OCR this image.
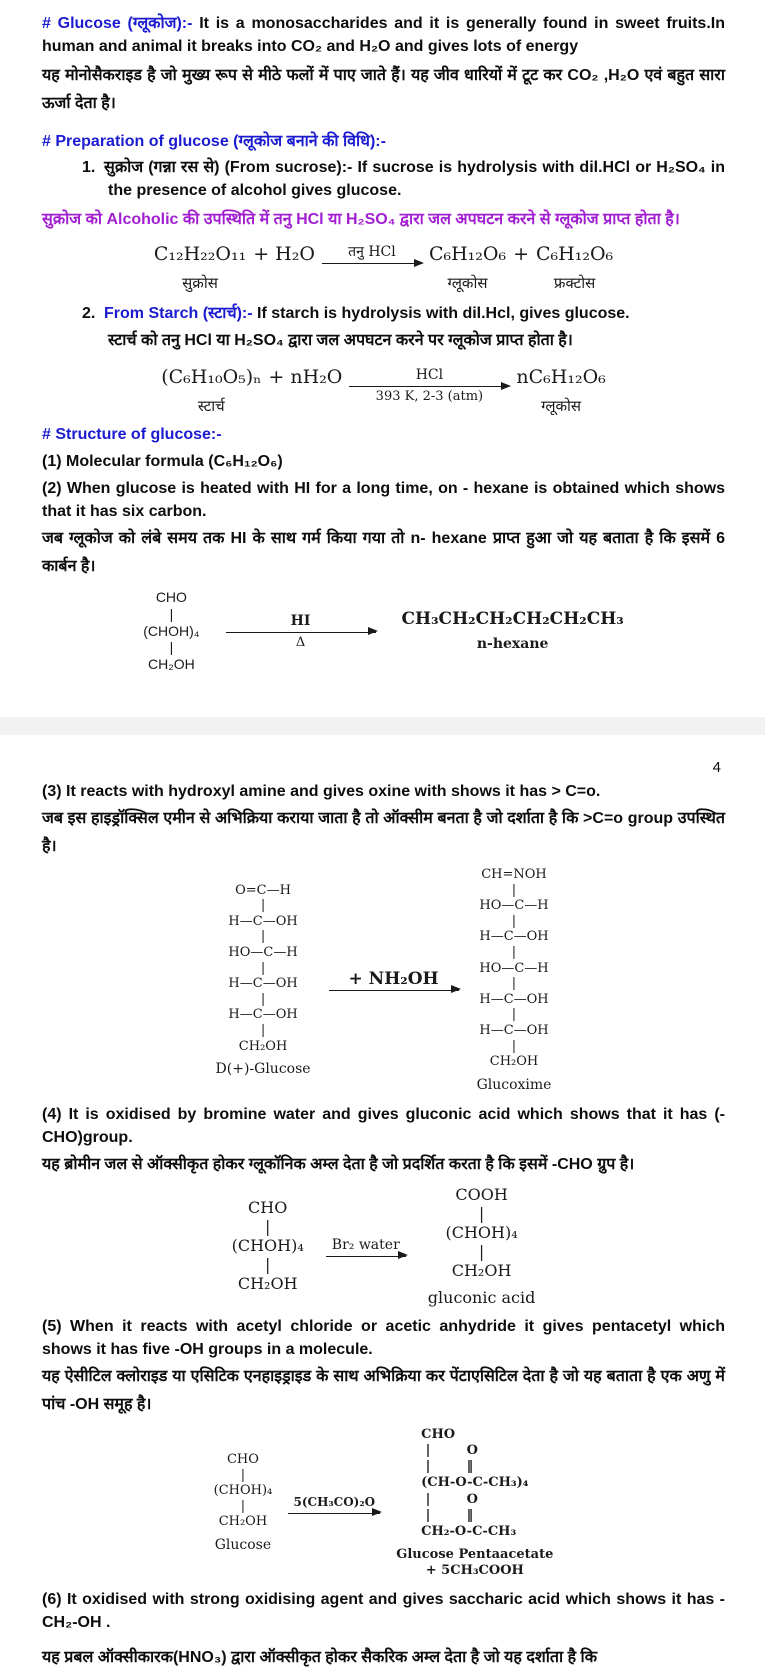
# Glucose (ग्लूकोज):- It is a monosaccharides and it is generally found in sweet fruits.In human and animal it breaks into CO₂ and H₂O and gives lots of energy

यह मोनोसैकराइड है जो मुख्य रूप से मीठे फलों में पाए जाते हैं। यह जीव धारियों में टूट कर CO₂ ,H₂O एवं बहुत सारा ऊर्जा देता है।

# Preparation of glucose (ग्लूकोज बनाने की विधि):-

1. सुक्रोज (गन्ना रस से) (From sucrose):- If sucrose is hydrolysis with dil.HCl or H₂SO₄ in the presence of alcohol gives glucose.

सुक्रोज को Alcoholic की उपस्थिति में तनु HCl या H₂SO₄ द्वारा जल अपघटन करने से ग्लूकोज प्राप्त होता है।

C₁₂H₂₂O₁₁
सुक्रोस
+ H₂O तनु HCl C₆H₁₂O₆
ग्लूकोस
+ C₆H₁₂O₆
फ्रक्टोस

2. From Starch (स्टार्च):- If starch is hydrolysis with dil.Hcl, gives glucose.

स्टार्च को तनु HCl या H₂SO₄ द्वारा जल अपघटन करने पर ग्लूकोज प्राप्त होता है।

(C₆H₁₀O₅)ₙ
स्टार्च
+ nH₂O	HCl
393 K, 2-3 (atm)
nC₆H₁₂O₆
ग्लूकोस

# Structure of glucose:-

(1) Molecular formula (C₆H₁₂O₆)

(2) When glucose is heated with HI for a long time, on - hexane is obtained which shows that it has six carbon.

जब ग्लूकोज को लंबे समय तक HI के साथ गर्म किया गया तो n- hexane प्राप्त हुआ जो यह बताता है कि इसमें 6 कार्बन है।

CHO
|
(CHOH)₄
|
CH₂OH
HI
Δ
CH₃CH₂CH₂CH₂CH₂CH₃
n-hexane
4

(3) It reacts with hydroxyl amine and gives oxine with shows it has > C=o.

जब इस हाइड्रॉक्सिल एमीन से अभिक्रिया कराया जाता है तो ऑक्सीम बनता है जो दर्शाता है कि >C=o group उपस्थित है।

O=C—H
|
H—C—OH
|
HO—C—H
|
H—C—OH
|
H—C—OH
|
CH₂OH
D(+)-Glucose
+ NH₂OH
CH=NOH
|
HO—C—H
|
H—C—OH
|
HO—C—H
|
H—C—OH
|
H—C—OH
|
CH₂OH
Glucoxime

(4) It is oxidised by bromine water and gives gluconic acid which shows that it has (-CHO)group.

यह ब्रोमीन जल से ऑक्सीकृत होकर ग्लूकॉनिक अम्ल देता है जो प्रदर्शित करता है कि इसमें -CHO ग्रुप है।

CHO
|
(CHOH)₄
|
CH₂OH
Br₂ water
COOH
|
(CHOH)₄
|
CH₂OH
gluconic acid

(5) When it reacts with acetyl chloride or acetic anhydride it gives pentacetyl which shows it has five -OH groups in a molecule.

यह ऐसीटिल क्लोराइड या एसिटिक एनहाइड्राइड के साथ अभिक्रिया कर पेंटाएसिटिल देता है जो यह बताता है एक अणु में पांच -OH समूह है।

CHO
|
(CHOH)₄
|
CH₂OH
Glucose
5(CH₃CO)₂O
CHO
|        O
|        ‖
(CH-O-C-CH₃)₄
|        O
|        ‖
CH₂-O-C-CH₃
Glucose Pentaacetate
+ 5CH₃COOH

(6) It oxidised with strong oxidising agent and gives saccharic acid which shows it has -CH₂-OH .

यह प्रबल ऑक्सीकारक(HNO₃) द्वारा ऑक्सीकृत होकर सैकरिक अम्ल देता है जो यह दर्शाता है कि
